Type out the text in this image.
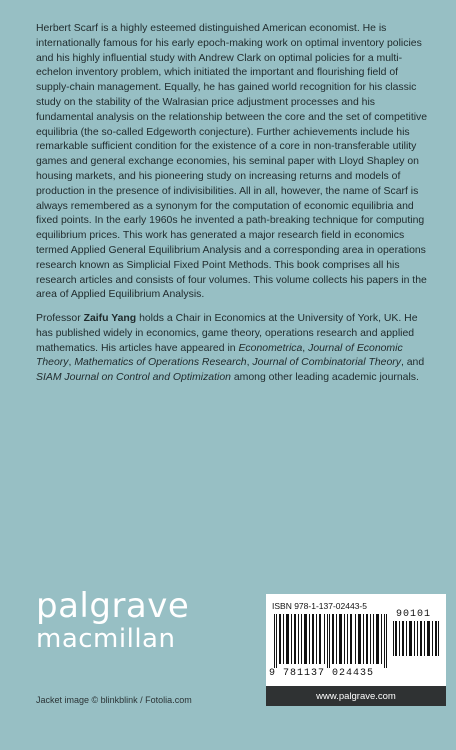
Herbert Scarf is a highly esteemed distinguished American economist. He is internationally famous for his early epoch-making work on optimal inventory policies and his highly influential study with Andrew Clark on optimal policies for a multi-echelon inventory problem, which initiated the important and flourishing field of supply-chain management. Equally, he has gained world recognition for his classic study on the stability of the Walrasian price adjustment processes and his fundamental analysis on the relationship between the core and the set of competitive equilibria (the so-called Edgeworth conjecture). Further achievements include his remarkable sufficient condition for the existence of a core in non-transferable utility games and general exchange economies, his seminal paper with Lloyd Shapley on housing markets, and his pioneering study on increasing returns and models of production in the presence of indivisibilities. All in all, however, the name of Scarf is always remembered as a synonym for the computation of economic equilibria and fixed points. In the early 1960s he invented a path-breaking technique for computing equilibrium prices. This work has generated a major research field in economics termed Applied General Equilibrium Analysis and a corresponding area in operations research known as Simplicial Fixed Point Methods. This book comprises all his research articles and consists of four volumes. This volume collects his papers in the area of Applied Equilibrium Analysis.

Professor Zaifu Yang holds a Chair in Economics at the University of York, UK. He has published widely in economics, game theory, operations research and applied mathematics. His articles have appeared in Econometrica, Journal of Economic Theory, Mathematics of Operations Research, Journal of Combinatorial Theory, and SIAM Journal on Control and Optimization among other leading academic journals.

palgrave
macmillan
Jacket image © blinkblink / Fotolia.com
ISBN 978-1-137-02443-5
90101
9 781137 024435
www.palgrave.com
